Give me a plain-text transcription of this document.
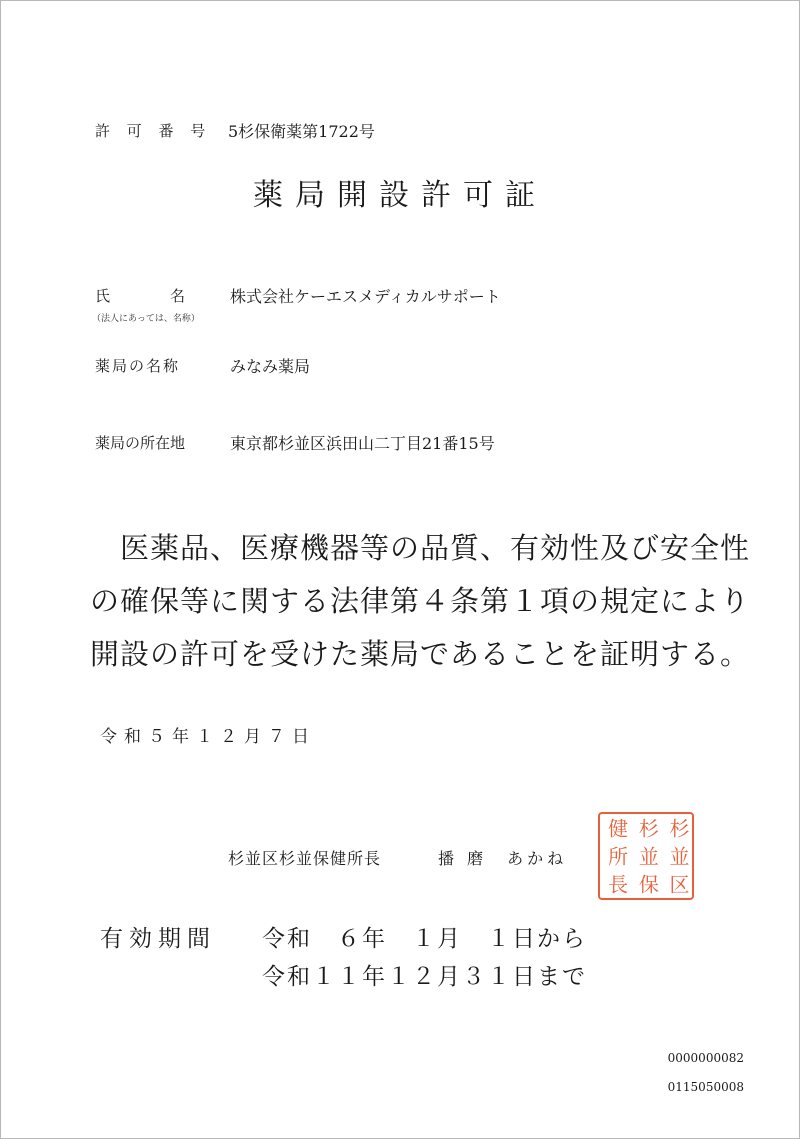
許 可 番 号 5杉保衛薬第1722号
薬局開設許可証
氏　　　　名	株式会社ケーエスメディカルサポート
（法人にあっては、名称）
薬局の名称	みなみ薬局
薬局の所在地	東京都杉並区浜田山二丁目21番15号
　医薬品、医療機器等の品質、有効性及び安全性
の確保等に関する法律第４条第１項の規定により
開設の許可を受けた薬局であることを証明する。
令和５年１２月７日
杉並区杉並保健所長	播 磨　あかね
杉
並
区
杉
並
保
健
所
長
有効期間 令和　６年　１月　１日から
令和１１年１２月３１日まで
0000000082
0115050008
